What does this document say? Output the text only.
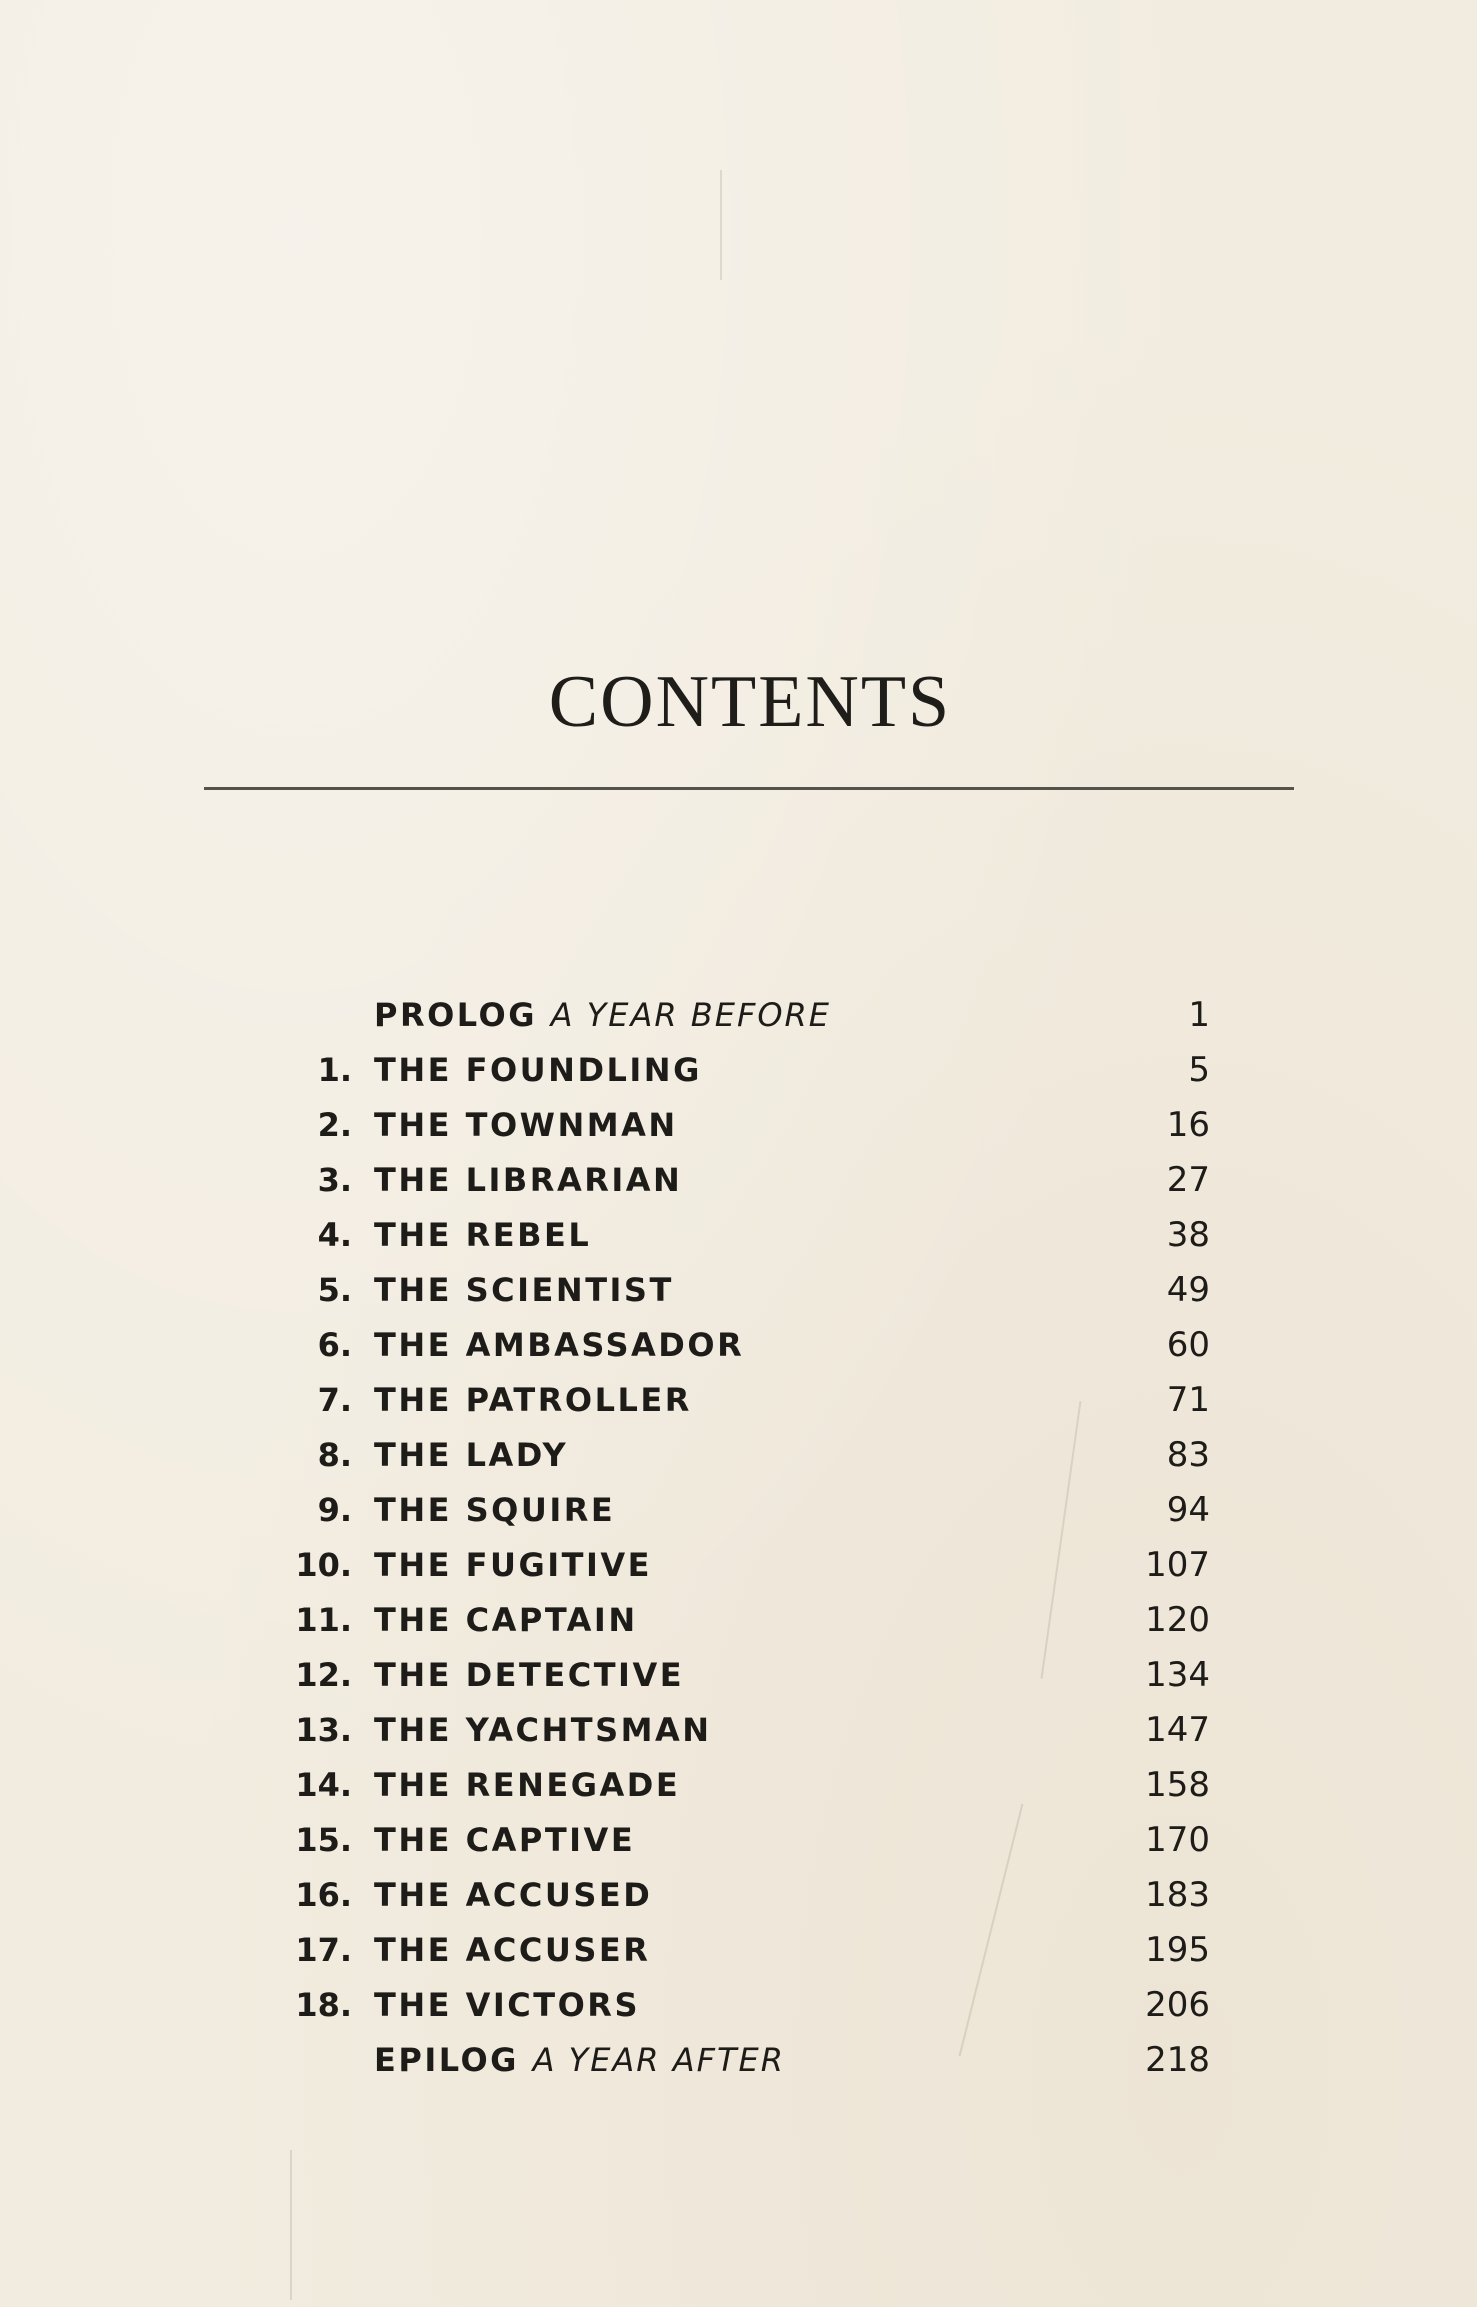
CONTENTS
PROLOG A YEAR BEFORE	1
1. THE FOUNDLING	5
2. THE TOWNMAN	16
3. THE LIBRARIAN	27
4. THE REBEL	38
5. THE SCIENTIST	49
6. THE AMBASSADOR	60
7. THE PATROLLER	71
8. THE LADY	83
9. THE SQUIRE	94
10. THE FUGITIVE	107
11. THE CAPTAIN	120
12. THE DETECTIVE	134
13. THE YACHTSMAN	147
14. THE RENEGADE	158
15. THE CAPTIVE	170
16. THE ACCUSED	183
17. THE ACCUSER	195
18. THE VICTORS	206
EPILOG A YEAR AFTER	218
